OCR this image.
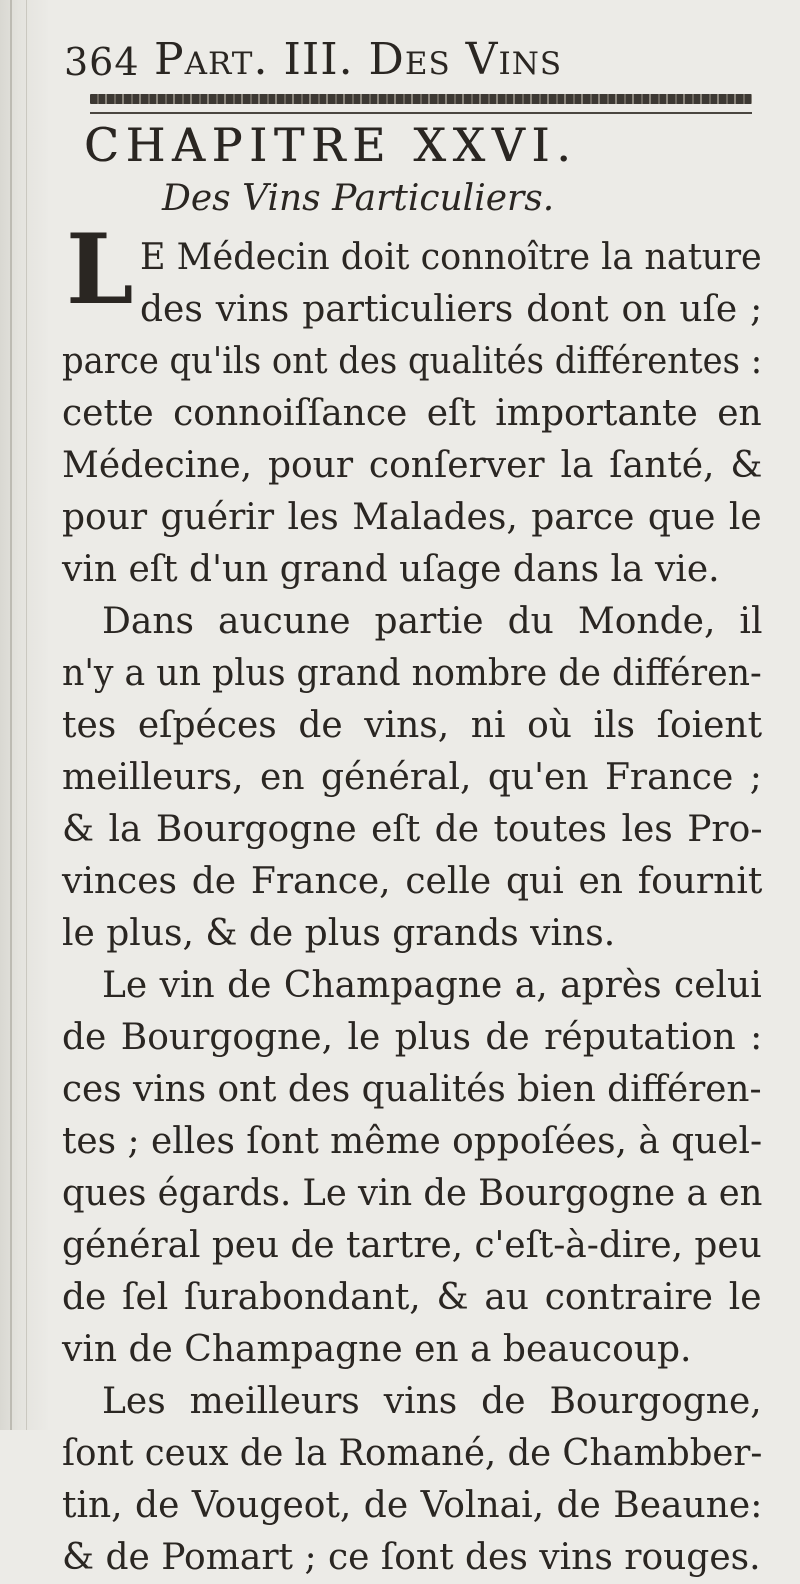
364 Part. III. Des Vins
CHAPITRE XXVI.
Des Vins Particuliers.
L E Médecin doit connoître la nature
des vins particuliers dont on uſe ;
parce qu'ils ont des qualités différentes :
cette connoiſſance eſt importante en
Médecine, pour conſerver la ſanté, &
pour guérir les Malades, parce que le
vin eſt d'un grand uſage dans la vie.
Dans aucune partie du Monde, il
n'y a un plus grand nombre de différen-
tes eſpéces de vins, ni où ils ſoient
meilleurs, en général, qu'en France ;
& la Bourgogne eſt de toutes les Pro-
vinces de France, celle qui en fournit
le plus, & de plus grands vins.
Le vin de Champagne a, après celui
de Bourgogne, le plus de réputation :
ces vins ont des qualités bien différen-
tes ; elles ſont même oppoſées, à quel-
ques égards. Le vin de Bourgogne a en
général peu de tartre, c'eſt-à-dire, peu
de ſel ſurabondant, & au contraire le
vin de Champagne en a beaucoup.
Les meilleurs vins de Bourgogne,
ſont ceux de la Romané, de Chambber-
tin, de Vougeot, de Volnai, de Beaune:
& de Pomart ; ce ſont des vins rouges.
